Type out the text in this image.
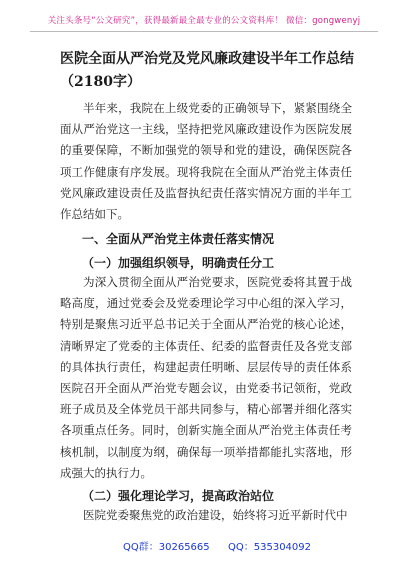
关注头条号“公文研究”，获得最新最全最专业的公文资料库！ 微信：gongwenyj
医院全面从严治党及党风廉政建设半年工作总结（2180字）

半年来，我院在上级党委的正确领导下，紧紧围绕全面从严治党这一主线，坚持把党风廉政建设作为医院发展的重要保障，不断加强党的领导和党的建设，确保医院各项工作健康有序发展。现将我院在全面从严治党主体责任党风廉政建设责任及监督执纪责任落实情况方面的半年工作总结如下。

一、全面从严治党主体责任落实情况
（一）加强组织领导，明确责任分工

为深入贯彻全面从严治党要求，医院党委将其置于战略高度，通过党委会及党委理论学习中心组的深入学习，特别是聚焦习近平总书记关于全面从严治党的核心论述，清晰界定了党委的主体责任、纪委的监督责任及各党支部的具体执行责任，构建起责任明晰、层层传导的责任体系医院召开全面从严治党专题会议，由党委书记领衔，党政班子成员及全体党员干部共同参与，精心部署并细化落实各项重点任务。同时，创新实施全面从严治党主体责任考核机制，以制度为纲，确保每一项举措都能扎实落地，形成强大的执行力。

（二）强化理论学习，提高政治站位

医院党委聚焦党的政治建设，始终将习近平新时代中

QQ群：30265665 QQ：535304092
